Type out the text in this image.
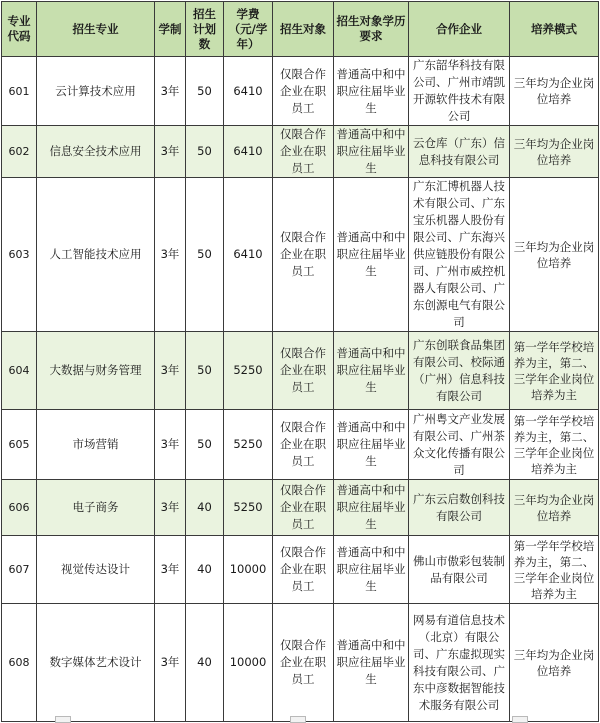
专业代码	招生专业	学制	招生计划数	学费（元/学年）	招生对象	招生对象学历要求	合作企业	培养模式
601	云计算技术应用	3年	50	6410	仅限合作企业在职员工	普通高中和中职应往届毕业生	广东韶华科技有限公司、广州市靖凯开源软件技术有限公司	三年均为企业岗位培养
602	信息安全技术应用	3年	50	6410	仅限合作企业在职员工	普通高中和中职应往届毕业生	云仓库（广东）信息科技有限公司	三年均为企业岗位培养
603	人工智能技术应用	3年	50	6410	仅限合作企业在职员工	普通高中和中职应往届毕业生	广东汇博机器人技术有限公司、广东宝乐机器人股份有限公司、广东海兴供应链股份有限公司、广州市威控机器人有限公司、广东创源电气有限公司	三年均为企业岗位培养
604	大数据与财务管理	3年	50	5250	仅限合作企业在职员工	普通高中和中职应往届毕业生	广东创联食品集团有限公司、校际通（广州）信息科技有限公司	第一学年学校培养为主，第二、三学年企业岗位培养为主
605	市场营销	3年	50	5250	仅限合作企业在职员工	普通高中和中职应往届毕业生	广州粤文产业发展有限公司、广州茶众文化传播有限公司	第一学年学校培养为主，第二、三学年企业岗位培养为主
606	电子商务	3年	40	5250	仅限合作企业在职员工	普通高中和中职应往届毕业生	广东云启数创科技有限公司	三年均为企业岗位培养
607	视觉传达设计	3年	40	10000	仅限合作企业在职员工	普通高中和中职应往届毕业生	佛山市傲彩包装制品有限公司	第一学年学校培养为主，第二、三学年企业岗位培养为主
608	数字媒体艺术设计	3年	40	10000	仅限合作企业在职员工	普通高中和中职应往届毕业生	网易有道信息技术（北京）有限公司、广东虚拟现实科技有限公司、广东中彦数据智能技术服务有限公司	三年均为企业岗位培养
